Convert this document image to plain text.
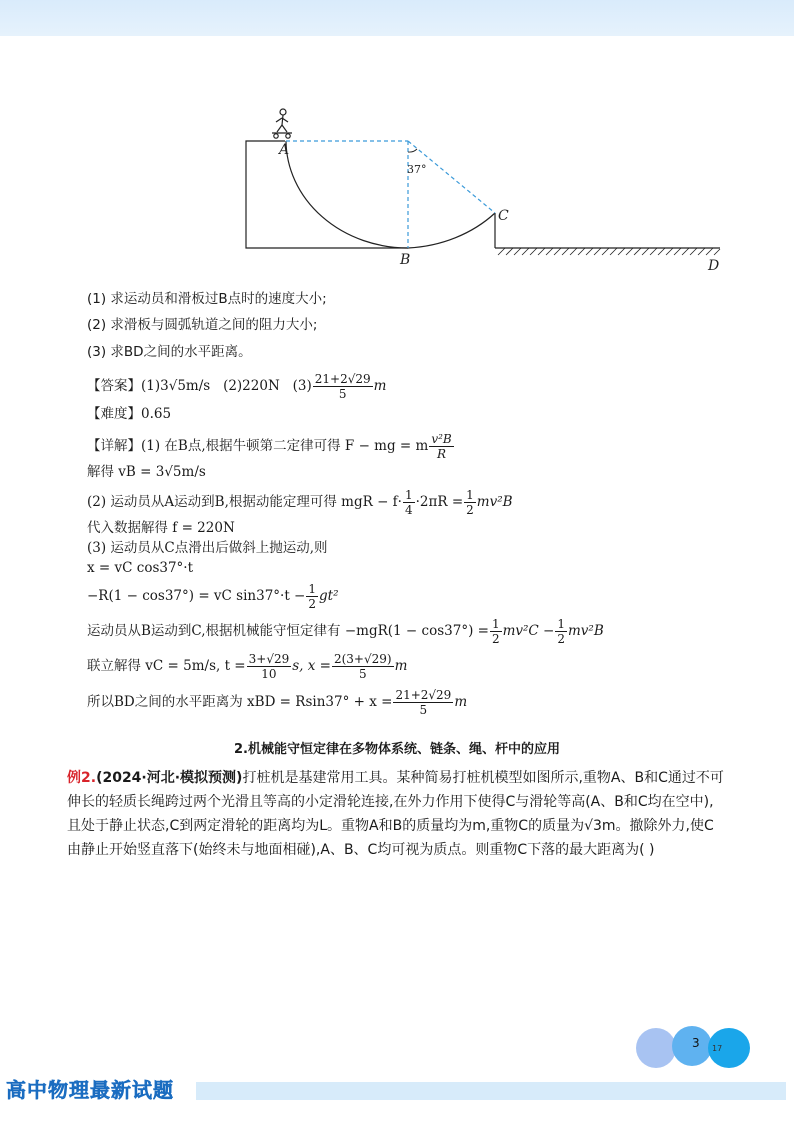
A
B
C
D
37°
(1) 求运动员和滑板过B点时的速度大小;
(2) 求滑板与圆弧轨道之间的阻力大小;
(3) 求BD之间的水平距离。
【答案】(1)3√5m/s (2)220N $(3) \frac{21+2√29}{5}$ m
【难度】0.65
【详解】(1) 在B点,根据牛顿第二定律可得 F − mg = m $\frac{\text{v²B}}{R}$
解得 vB = 3√5m/s
(2) 运动员从A运动到B,根据动能定理可得 mgR − $f\cdot \frac{1}{4} \cdot 2\pi R = \frac{1}{2} mv^2B$
代入数据解得 f = 220N
(3) 运动员从C点滑出后做斜上抛运动,则
x = vC cos37°·t
−R(1 − cos37°) = vC $\sin 37^\circ\cdot t - \frac{1}{2} gt^2$
运动员从B运动到C,根据机械能守恒定律有 $-mgR(1 - \cos 37^\circ) = \frac{1}{2} mv^2C - \frac{1}{2} mv^2B$
联立解得 vC = 5m/s, $t = \frac{3+√29}{10} s$, $x = \frac{2(3+√29)}{5}$ m
所以BD之间的水平距离为 xBD = $Rsin37^\circ + x = \frac{21+2√29}{5}$ m
2.机械能守恒定律在多物体系统、链条、绳、杆中的应用
例2.(2024·河北·模拟预测)打桩机是基建常用工具。某种简易打桩机模型如图所示,重物A、B和C通过不可伸长的轻质长绳跨过两个光滑且等高的小定滑轮连接,在外力作用下使得C与滑轮等高(A、B和C均在空中),且处于静止状态,C到两定滑轮的距离均为L。重物A和B的质量均为m,重物C的质量为√3m。撤除外力,使C由静止开始竖直落下(始终未与地面相碰),A、B、C均可视为质点。则重物C下落的最大距离为( )
3 17
高中物理最新试题
